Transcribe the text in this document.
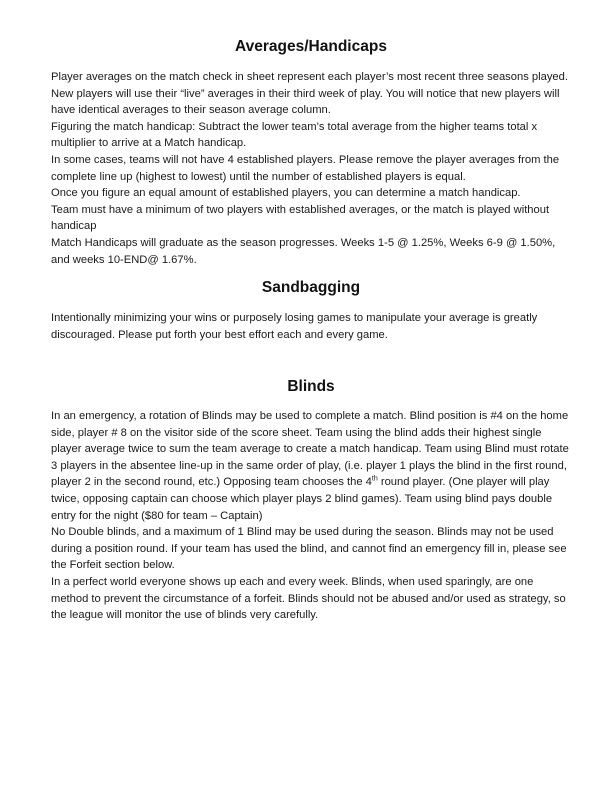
Averages/Handicaps

Player averages on the match check in sheet represent each player’s most recent three seasons played. New players will use their “live” averages in their third week of play. You will notice that new players will have identical averages to their season average column.

Figuring the match handicap: Subtract the lower team’s total average from the higher teams total x multiplier to arrive at a Match handicap.

In some cases, teams will not have 4 established players. Please remove the player averages from the complete line up (highest to lowest) until the number of established players is equal.

Once you figure an equal amount of established players, you can determine a match handicap.

Team must have a minimum of two players with established averages, or the match is played without handicap

Match Handicaps will graduate as the season progresses. Weeks 1-5 @ 1.25%, Weeks 6-9 @ 1.50%, and weeks 10-END@ 1.67%.

Sandbagging

Intentionally minimizing your wins or purposely losing games to manipulate your average is greatly discouraged. Please put forth your best effort each and every game.

Blinds

In an emergency, a rotation of Blinds may be used to complete a match. Blind position is #4 on the home side, player # 8 on the visitor side of the score sheet. Team using the blind adds their highest single player average twice to sum the team average to create a match handicap. Team using Blind must rotate 3 players in the absentee line-up in the same order of play, (i.e. player 1 plays the blind in the first round, player 2 in the second round, etc.) Opposing team chooses the 4th round player. (One player will play twice, opposing captain can choose which player plays 2 blind games). Team using blind pays double entry for the night ($80 for team – Captain)

No Double blinds, and a maximum of 1 Blind may be used during the season. Blinds may not be used during a position round. If your team has used the blind, and cannot find an emergency fill in, please see the Forfeit section below.

In a perfect world everyone shows up each and every week. Blinds, when used sparingly, are one method to prevent the circumstance of a forfeit. Blinds should not be abused and/or used as strategy, so the league will monitor the use of blinds very carefully.
